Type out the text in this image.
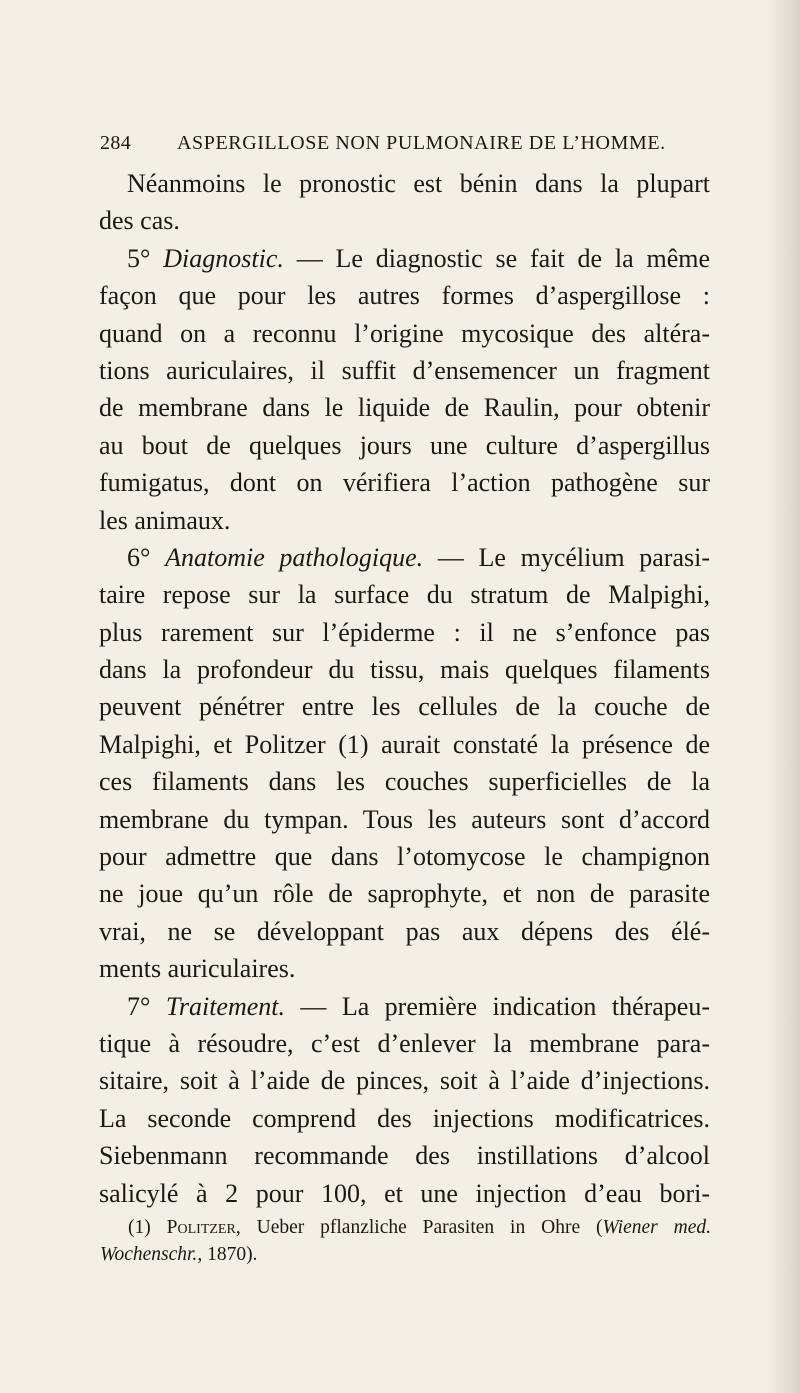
284 ASPERGILLOSE NON PULMONAIRE DE L’HOMME.
Néanmoins le pronostic est bénin dans la plupart
des cas.
5° Diagnostic. — Le diagnostic se fait de la même
façon que pour les autres formes d’aspergillose :
quand on a reconnu l’origine mycosique des altéra-
tions auriculaires, il suffit d’ensemencer un fragment
de membrane dans le liquide de Raulin, pour obtenir
au bout de quelques jours une culture d’aspergillus
fumigatus, dont on vérifiera l’action pathogène sur
les animaux.
6° Anatomie pathologique. — Le mycélium parasi-
taire repose sur la surface du stratum de Malpighi,
plus rarement sur l’épiderme : il ne s’enfonce pas
dans la profondeur du tissu, mais quelques filaments
peuvent pénétrer entre les cellules de la couche de
Malpighi, et Politzer (1) aurait constaté la présence de
ces filaments dans les couches superficielles de la
membrane du tympan. Tous les auteurs sont d’accord
pour admettre que dans l’otomycose le champignon
ne joue qu’un rôle de saprophyte, et non de parasite
vrai, ne se développant pas aux dépens des élé-
ments auriculaires.
7° Traitement. — La première indication thérapeu-
tique à résoudre, c’est d’enlever la membrane para-
sitaire, soit à l’aide de pinces, soit à l’aide d’injections.
La seconde comprend des injections modificatrices.
Siebenmann recommande des instillations d’alcool
salicylé à 2 pour 100, et une injection d’eau bori-
(1) Politzer, Ueber pflanzliche Parasiten in Ohre (Wiener med.
Wochenschr., 1870).
